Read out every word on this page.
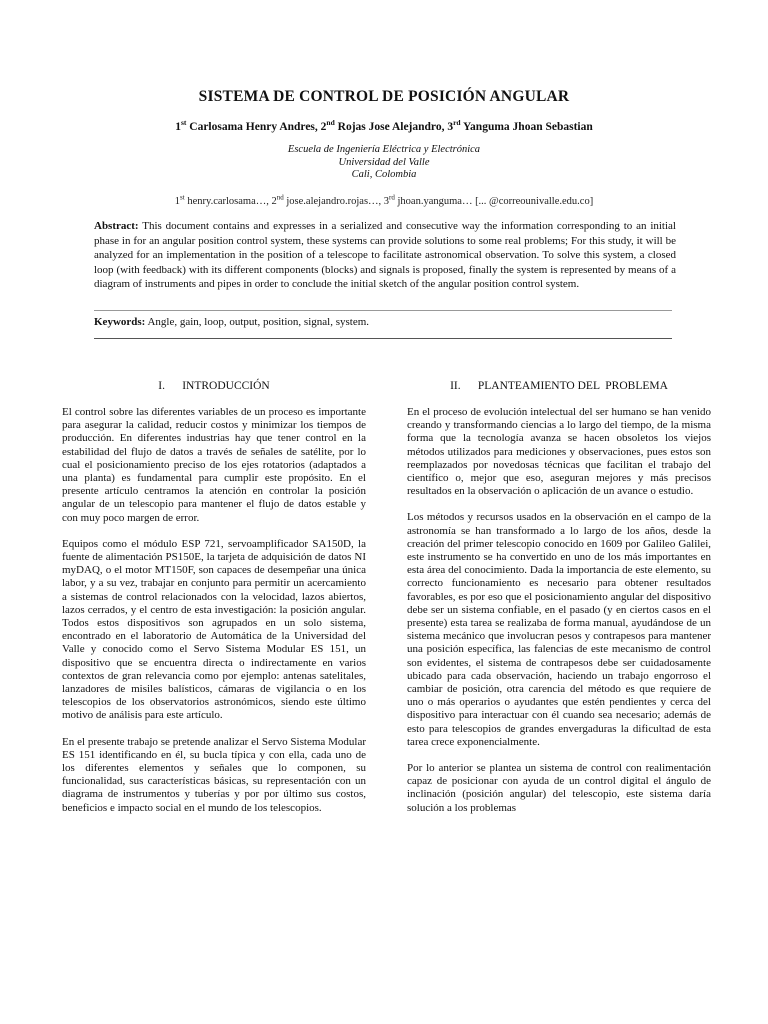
SISTEMA DE CONTROL DE POSICIÓN ANGULAR
1st Carlosama Henry Andres, 2nd Rojas Jose Alejandro, 3rd Yanguma Jhoan Sebastian
Escuela de Ingeniería Eléctrica y Electrónica
Universidad del Valle
Cali, Colombia
1st henry.carlosama…, 2nd jose.alejandro.rojas…, 3rd jhoan.yanguma… [... @correounivalle.edu.co]
Abstract: This document contains and expresses in a serialized and consecutive way the information corresponding to an initial phase in for an angular position control system, these systems can provide solutions to some real problems; For this study, it will be analyzed for an implementation in the position of a telescope to facilitate astronomical observation. To solve this system, a closed loop (with feedback) with its different components (blocks) and signals is proposed, finally the system is represented by means of a diagram of instruments and pipes in order to conclude the initial sketch of the angular position control system.
Keywords: Angle, gain, loop, output, position, signal, system.
I.      INTRODUCCIÓN

El control sobre las diferentes variables de un proceso es importante para asegurar la calidad, reducir costos y minimizar los tiempos de producción. En diferentes industrias hay que tener control en la estabilidad del flujo de datos a través de señales de satélite, por lo cual el posicionamiento preciso de los ejes rotatorios (adaptados a una planta) es fundamental para cumplir este propósito. En el presente artículo centramos la atención en controlar la posición angular de un telescopio para mantener el flujo de datos estable y con muy poco margen de error.

Equipos como el módulo ESP 721, servoamplificador SA150D, la fuente de alimentación PS150E, la tarjeta de adquisición de datos NI myDAQ, o el motor MT150F, son capaces de desempeñar una única labor, y a su vez, trabajar en conjunto para permitir un acercamiento a sistemas de control relacionados con la velocidad, lazos abiertos, lazos cerrados, y el centro de esta investigación: la posición angular. Todos estos dispositivos son agrupados en un solo sistema, encontrado en el laboratorio de Automática de la Universidad del Valle y conocido como el Servo Sistema Modular ES 151, un dispositivo que se encuentra directa o indirectamente en varios contextos de gran relevancia como por ejemplo: antenas satelitales, lanzadores de misiles balísticos, cámaras de vigilancia o en los telescopios de los observatorios astronómicos, siendo este último motivo de análisis para este artículo.

En el presente trabajo se pretende analizar el Servo Sistema Modular ES 151 identificando en él, su bucla típica y con ella, cada uno de los diferentes elementos y señales que lo componen, su funcionalidad, sus características básicas, su representación con un diagrama de instrumentos y tuberías y por por último sus costos, beneficios e impacto social en el mundo de los telescopios.

II.      PLANTEAMIENTO DEL  PROBLEMA

En el proceso de evolución intelectual del ser humano se han venido creando y transformando ciencias a lo largo del tiempo, de la misma forma que la tecnología avanza se hacen obsoletos los viejos métodos utilizados para mediciones y observaciones, pues estos son reemplazados por novedosas técnicas que facilitan el trabajo del científico o, mejor que eso, aseguran mejores y más precisos resultados en la observación o aplicación de un avance o estudio.

Los métodos y recursos usados en la observación en el campo de la astronomía se han transformado a lo largo de los años, desde la creación del primer telescopio conocido en 1609 por Galileo Galilei, este instrumento se ha convertido en uno de los más importantes en esta área del conocimiento. Dada la importancia de este elemento, su correcto funcionamiento es necesario para obtener resultados favorables, es por eso que el posicionamiento angular del dispositivo debe ser un sistema confiable, en el pasado (y en ciertos casos en el presente) esta tarea se realizaba de forma manual, ayudándose de un sistema mecánico que involucran pesos y contrapesos para mantener una posición específica, las falencias de este mecanismo de control son evidentes, el sistema de contrapesos debe ser cuidadosamente ubicado para cada observación, haciendo un trabajo engorroso el cambiar de posición, otra carencia del método es que requiere de uno o más operarios o ayudantes que estén pendientes y cerca del dispositivo para interactuar con él cuando sea necesario; además de esto para telescopios de grandes envergaduras la dificultad de esta tarea crece exponencialmente.

Por lo anterior se plantea un sistema de control con realimentación capaz de posicionar con ayuda de un control digital el ángulo de inclinación (posición angular) del telescopio, este sistema daría solución a los problemas
